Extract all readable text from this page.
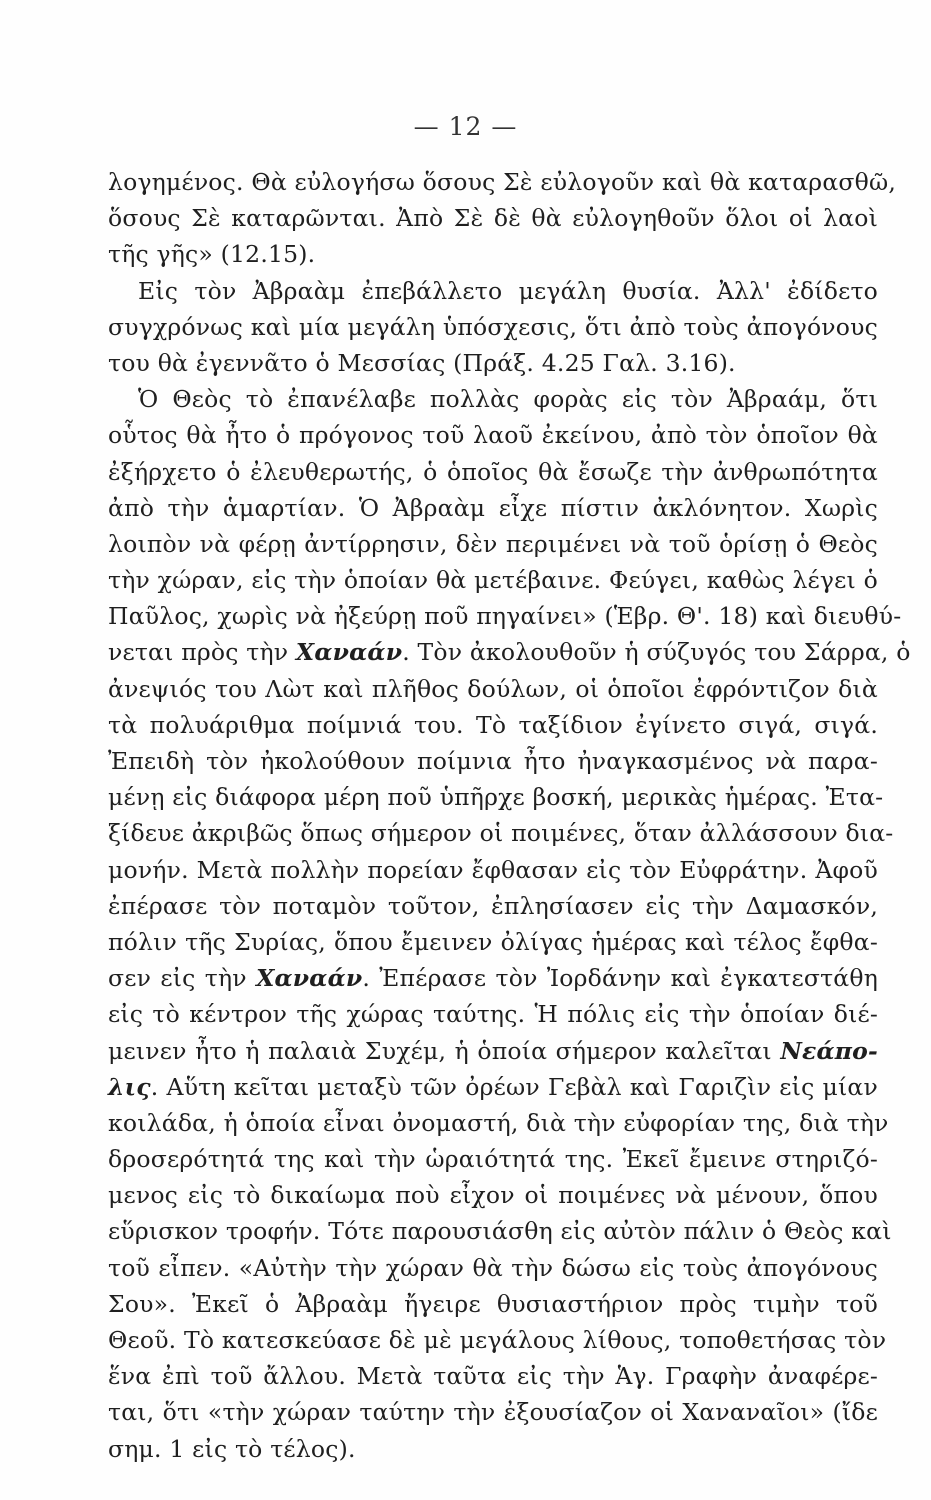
— 12 —
λογημένος. Θὰ εὐλογήσω ὅσους Σὲ εὐλογοῦν καὶ θὰ καταρασθῶ,
ὅσους Σὲ καταρῶνται. Ἀπὸ Σὲ δὲ θὰ εὐλογηθοῦν ὅλοι οἱ λαοὶ
τῆς γῆς» (12.15).
Εἰς τὸν Ἀβραὰμ ἐπεβάλλετο μεγάλη θυσία. Ἀλλ' ἐδίδετο
συγχρόνως καὶ μία μεγάλη ὑπόσχεσις, ὅτι ἀπὸ τοὺς ἀπογόνους
του θὰ ἐγεννᾶτο ὁ Μεσσίας (Πράξ. 4.25 Γαλ. 3.16).
Ὁ Θεὸς τὸ ἐπανέλαβε πολλὰς φορὰς εἰς τὸν Ἀβραάμ, ὅτι
οὗτος θὰ ἦτο ὁ πρόγονος τοῦ λαοῦ ἐκείνου, ἀπὸ τὸν ὁποῖον θὰ
ἐξήρχετο ὁ ἐλευθερωτής, ὁ ὁποῖος θὰ ἔσωζε τὴν ἀνθρωπότητα
ἀπὸ τὴν ἁμαρτίαν. Ὁ Ἀβραὰμ εἶχε πίστιν ἀκλόνητον. Χωρὶς
λοιπὸν νὰ φέρῃ ἀντίρρησιν, δὲν περιμένει νὰ τοῦ ὁρίσῃ ὁ Θεὸς
τὴν χώραν, εἰς τὴν ὁποίαν θὰ μετέβαινε. Φεύγει, καθὼς λέγει ὁ
Παῦλος, χωρὶς νὰ ἠξεύρῃ ποῦ πηγαίνει» (Ἑβρ. Θ'. 18) καὶ διευθύ-
νεται πρὸς τὴν Χαναάν. Τὸν ἀκολουθοῦν ἡ σύζυγός του Σάρρα, ὁ
ἀνεψιός του Λὼτ καὶ πλῆθος δούλων, οἱ ὁποῖοι ἐφρόντιζον διὰ
τὰ πολυάριθμα ποίμνιά του. Τὸ ταξίδιον ἐγίνετο σιγά, σιγά.
Ἐπειδὴ τὸν ἠκολούθουν ποίμνια ἦτο ἠναγκασμένος νὰ παρα-
μένῃ εἰς διάφορα μέρη ποῦ ὑπῆρχε βοσκή, μερικὰς ἡμέρας. Ἐτα-
ξίδευε ἀκριβῶς ὅπως σήμερον οἱ ποιμένες, ὅταν ἀλλάσσουν δια-
μονήν. Μετὰ πολλὴν πορείαν ἔφθασαν εἰς τὸν Εὐφράτην. Ἀφοῦ
ἐπέρασε τὸν ποταμὸν τοῦτον, ἐπλησίασεν εἰς τὴν Δαμασκόν,
πόλιν τῆς Συρίας, ὅπου ἔμεινεν ὀλίγας ἡμέρας καὶ τέλος ἔφθα-
σεν εἰς τὴν Χαναάν. Ἐπέρασε τὸν Ἰορδάνην καὶ ἐγκατεστάθη
εἰς τὸ κέντρον τῆς χώρας ταύτης. Ἡ πόλις εἰς τὴν ὁποίαν διέ-
μεινεν ἦτο ἡ παλαιὰ Συχέμ, ἡ ὁποία σήμερον καλεῖται Νεάπο-
λις. Αὕτη κεῖται μεταξὺ τῶν ὀρέων Γεβὰλ καὶ Γαριζὶν εἰς μίαν
κοιλάδα, ἡ ὁποία εἶναι ὀνομαστή, διὰ τὴν εὐφορίαν της, διὰ τὴν
δροσερότητά της καὶ τὴν ὡραιότητά της. Ἐκεῖ ἔμεινε στηριζό-
μενος εἰς τὸ δικαίωμα ποὺ εἶχον οἱ ποιμένες νὰ μένουν, ὅπου
εὕρισκον τροφήν. Τότε παρουσιάσθη εἰς αὐτὸν πάλιν ὁ Θεὸς καὶ
τοῦ εἶπεν. «Αὐτὴν τὴν χώραν θὰ τὴν δώσω εἰς τοὺς ἀπογόνους
Σου». Ἐκεῖ ὁ Ἀβραὰμ ἤγειρε θυσιαστήριον πρὸς τιμὴν τοῦ
Θεοῦ. Τὸ κατεσκεύασε δὲ μὲ μεγάλους λίθους, τοποθετήσας τὸν
ἕνα ἐπὶ τοῦ ἄλλου. Μετὰ ταῦτα εἰς τὴν Ἁγ. Γραφὴν ἀναφέρε-
ται, ὅτι «τὴν χώραν ταύτην τὴν ἐξουσίαζον οἱ Χαναναῖοι» (ἴδε
σημ. 1 εἰς τὸ τέλος).
